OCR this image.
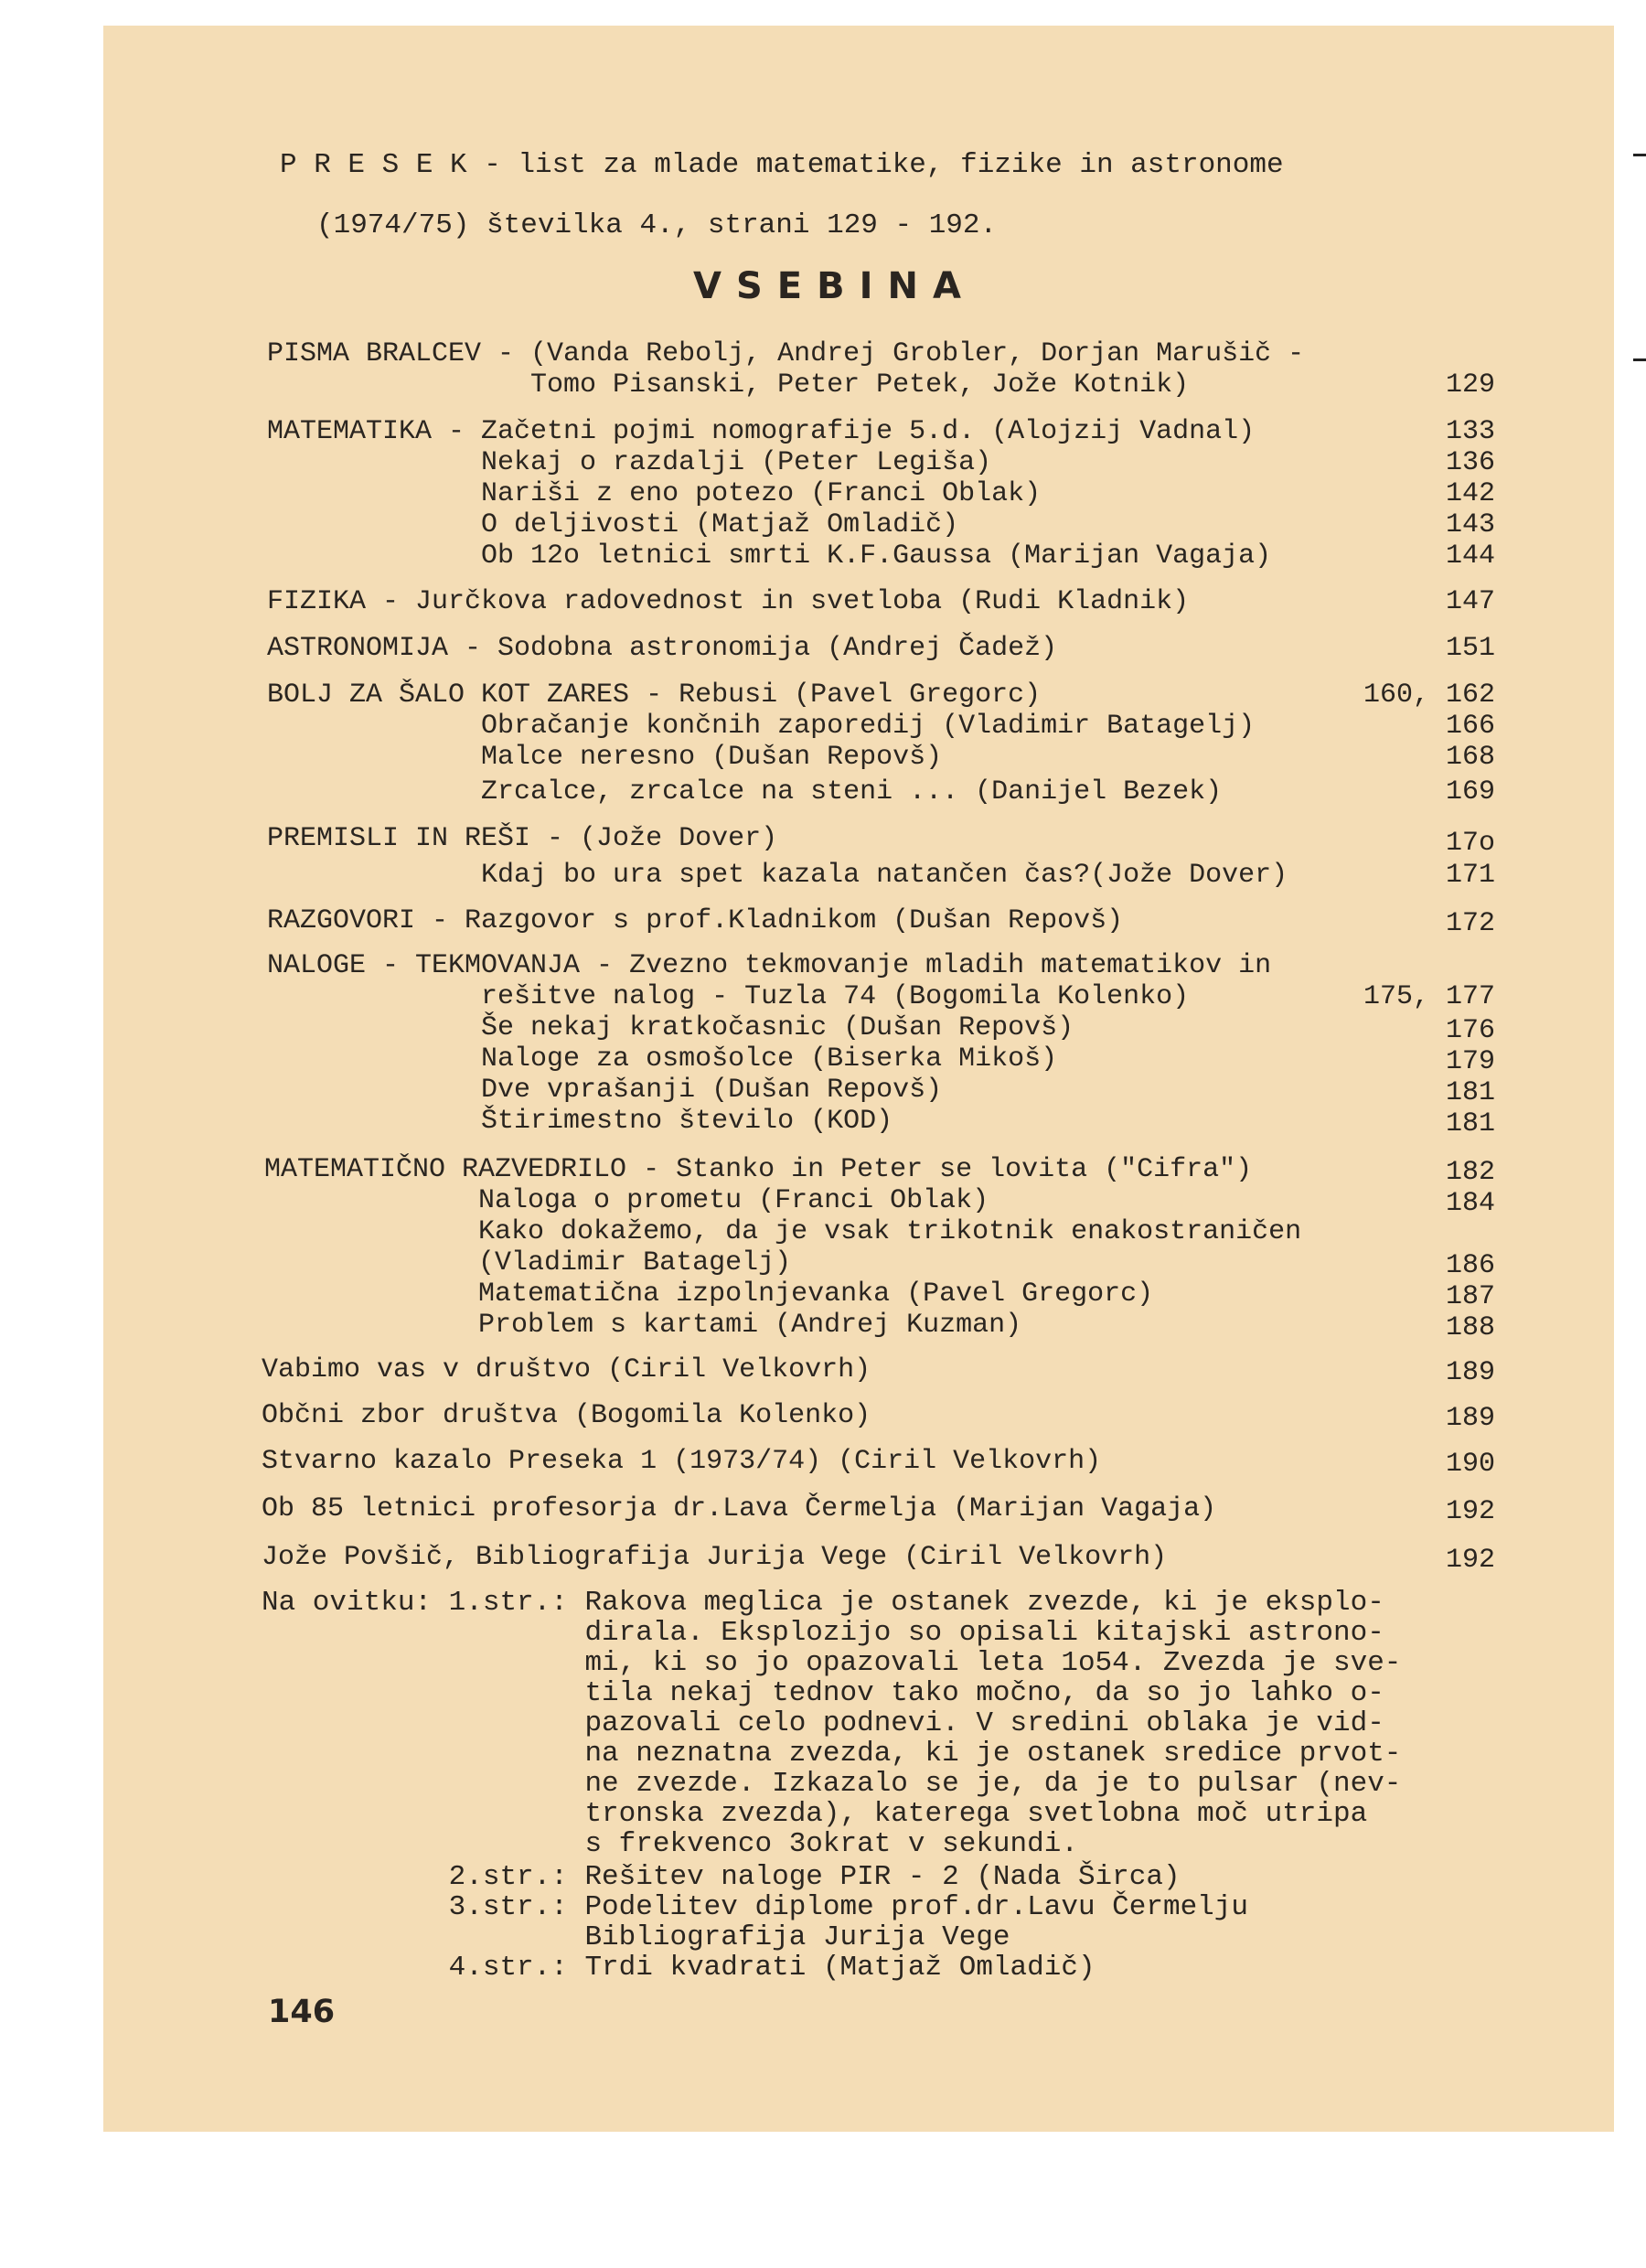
P R E S E K - list za mlade matematike, fizike in astronome
(1974/75) številka 4., strani 129 - 192.
VSEBINA
PISMA BRALCEV - (Vanda Rebolj, Andrej Grobler, Dorjan Marušič -
Tomo Pisanski, Peter Petek, Jože Kotnik)	129
MATEMATIKA - Začetni pojmi nomografije 5.d. (Alojzij Vadnal)	133
Nekaj o razdalji (Peter Legiša)	136
Nariši z eno potezo (Franci Oblak)	142
O deljivosti (Matjaž Omladič)	143
Ob 12o letnici smrti K.F.Gaussa (Marijan Vagaja)	144
FIZIKA - Jurčkova radovednost in svetloba (Rudi Kladnik)	147
ASTRONOMIJA - Sodobna astronomija (Andrej Čadež)	151
BOLJ ZA ŠALO KOT ZARES - Rebusi (Pavel Gregorc)	160, 162
Obračanje končnih zaporedij (Vladimir Batagelj)	166
Malce neresno (Dušan Repovš)	168
Zrcalce, zrcalce na steni ... (Danijel Bezek)	169
PREMISLI IN REŠI - (Jože Dover)	17o
Kdaj bo ura spet kazala natančen čas?(Jože Dover)	171
RAZGOVORI - Razgovor s prof.Kladnikom (Dušan Repovš)	172
NALOGE - TEKMOVANJA - Zvezno tekmovanje mladih matematikov in
rešitve nalog - Tuzla 74 (Bogomila Kolenko)	175, 177
Še nekaj kratkočasnic (Dušan Repovš)	176
Naloge za osmošolce (Biserka Mikoš)	179
Dve vprašanji (Dušan Repovš)	181
Štirimestno število (KOD)	181
MATEMATIČNO RAZVEDRILO - Stanko in Peter se lovita ("Cifra")	182
Naloga o prometu (Franci Oblak)	184
Kako dokažemo, da je vsak trikotnik enakostraničen
(Vladimir Batagelj)	186
Matematična izpolnjevanka (Pavel Gregorc)	187
Problem s kartami (Andrej Kuzman)	188
Vabimo vas v društvo (Ciril Velkovrh)	189
Občni zbor društva (Bogomila Kolenko)	189
Stvarno kazalo Preseka 1 (1973/74) (Ciril Velkovrh)	190
Ob 85 letnici profesorja dr.Lava Čermelja (Marijan Vagaja)	192
Jože Povšič, Bibliografija Jurija Vege (Ciril Velkovrh)	192
Na ovitku: 1.str.: Rakova meglica je ostanek zvezde, ki je eksplo-
dirala. Eksplozijo so opisali kitajski astrono-
mi, ki so jo opazovali leta 1o54. Zvezda je sve-
tila nekaj tednov tako močno, da so jo lahko o-
pazovali celo podnevi. V sredini oblaka je vid-
na neznatna zvezda, ki je ostanek sredice prvot-
ne zvezde. Izkazalo se je, da je to pulsar (nev-
tronska zvezda), katerega svetlobna moč utripa
s frekvenco 3okrat v sekundi.
2.str.: Rešitev naloge PIR - 2 (Nada Širca)
3.str.: Podelitev diplome prof.dr.Lavu Čermelju
Bibliografija Jurija Vege
4.str.: Trdi kvadrati (Matjaž Omladič)
146
